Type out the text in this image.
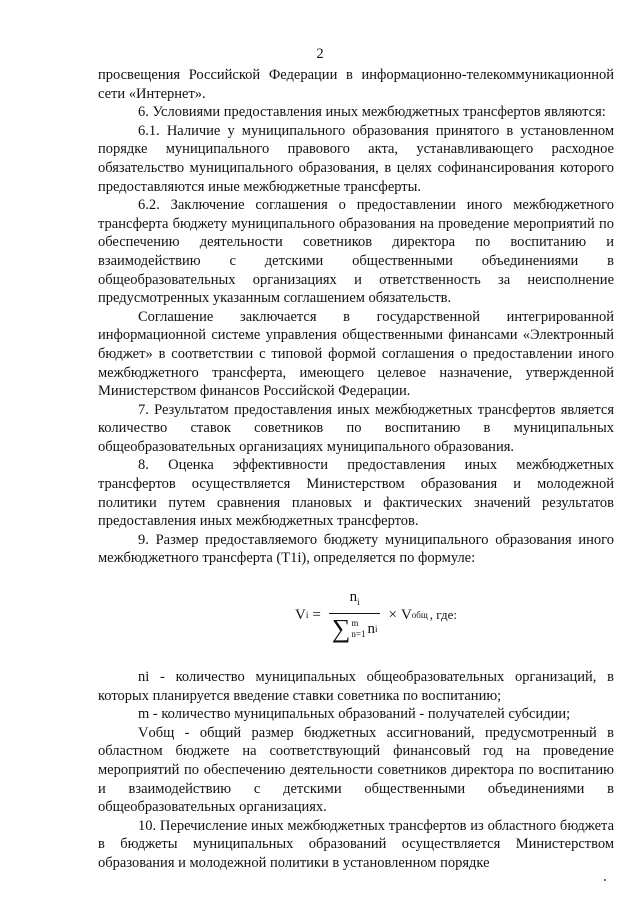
2

просвещения Российской Федерации в информационно-телекоммуникационной сети «Интернет».

6. Условиями предоставления иных межбюджетных трансфертов являются:

6.1. Наличие у муниципального образования принятого в установленном порядке муниципального правового акта, устанавливающего расходное обязательство муниципального образования, в целях софинансирования которого предоставляются иные межбюджетные трансферты.

6.2. Заключение соглашения о предоставлении иного межбюджетного трансферта бюджету муниципального образования на проведение мероприятий по обеспечению деятельности советников директора по воспитанию и взаимодействию с детскими общественными объединениями в общеобразовательных организациях и ответственность за неисполнение предусмотренных указанным соглашением обязательств.

Соглашение заключается в государственной интегрированной информационной системе управления общественными финансами «Электронный бюджет» в соответствии с типовой формой соглашения о предоставлении иного межбюджетного трансферта, имеющего целевое назначение, утвержденной Министерством финансов Российской Федерации.

7. Результатом предоставления иных межбюджетных трансфертов является количество ставок советников по воспитанию в муниципальных общеобразовательных организациях муниципального образования.

8. Оценка эффективности предоставления иных межбюджетных трансфертов осуществляется Министерством образования и молодежной политики путем сравнения плановых и фактических значений результатов предоставления иных межбюджетных трансфертов.

9. Размер предоставляемого бюджету муниципального образования иного межбюджетного трансферта (T1i), определяется по формуле:

V i =
$n_i$
∑ m
n=1 n i
× V общ , где:

ni - количество муниципальных общеобразовательных организаций, в которых планируется введение ставки советника по воспитанию;

m - количество муниципальных образований - получателей субсидии;

Vобщ - общий размер бюджетных ассигнований, предусмотренный в областном бюджете на соответствующий финансовый год на проведение мероприятий по обеспечению деятельности советников директора по воспитанию и взаимодействию с детскими общественными объединениями в общеобразовательных организациях.

10. Перечисление иных межбюджетных трансфертов из областного бюджета в бюджеты муниципальных образований осуществляется Министерством образования и молодежной политики в установленном порядке
